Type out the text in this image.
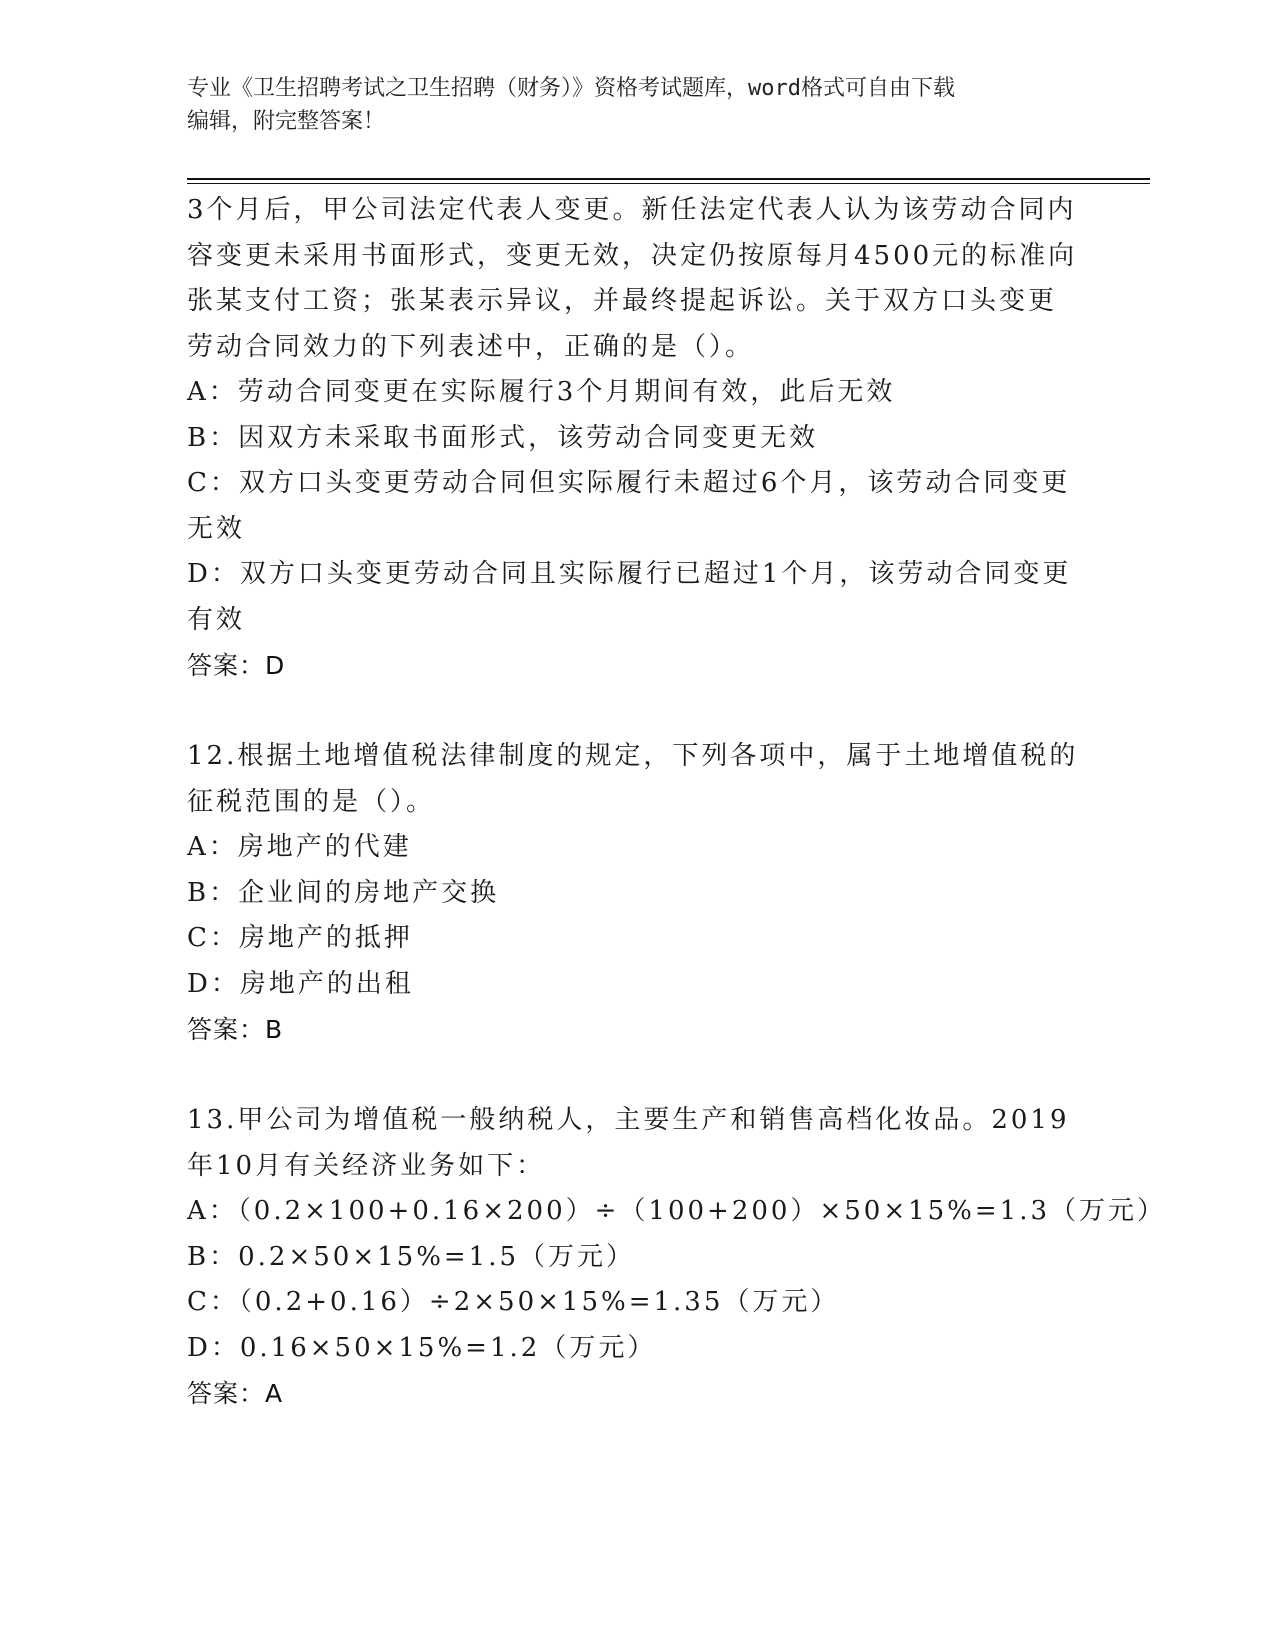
专业《卫生招聘考试之卫生招聘（财务）》资格考试题库，word格式可自由下载
编辑，附完整答案！
3个月后，甲公司法定代表人变更。新任法定代表人认为该劳动合同内
容变更未采用书面形式，变更无效，决定仍按原每月4500元的标准向
张某支付工资；张某表示异议，并最终提起诉讼。关于双方口头变更
劳动合同效力的下列表述中，正确的是（）。
A：劳动合同变更在实际履行3个月期间有效，此后无效
B：因双方未采取书面形式，该劳动合同变更无效
C：双方口头变更劳动合同但实际履行未超过6个月，该劳动合同变更
无效
D：双方口头变更劳动合同且实际履行已超过1个月，该劳动合同变更
有效
答案：D
12.根据土地增值税法律制度的规定，下列各项中，属于土地增值税的
征税范围的是（）。
A：房地产的代建
B：企业间的房地产交换
C：房地产的抵押
D：房地产的出租
答案：B
13.甲公司为增值税一般纳税人，主要生产和销售高档化妆品。2019
年10月有关经济业务如下：
A：（0.2×100+0.16×200）÷（100+200）×50×15%=1.3（万元）
B：0.2×50×15%=1.5（万元）
C：（0.2+0.16）÷2×50×15%=1.35（万元）
D：0.16×50×15%=1.2（万元）
答案：A
